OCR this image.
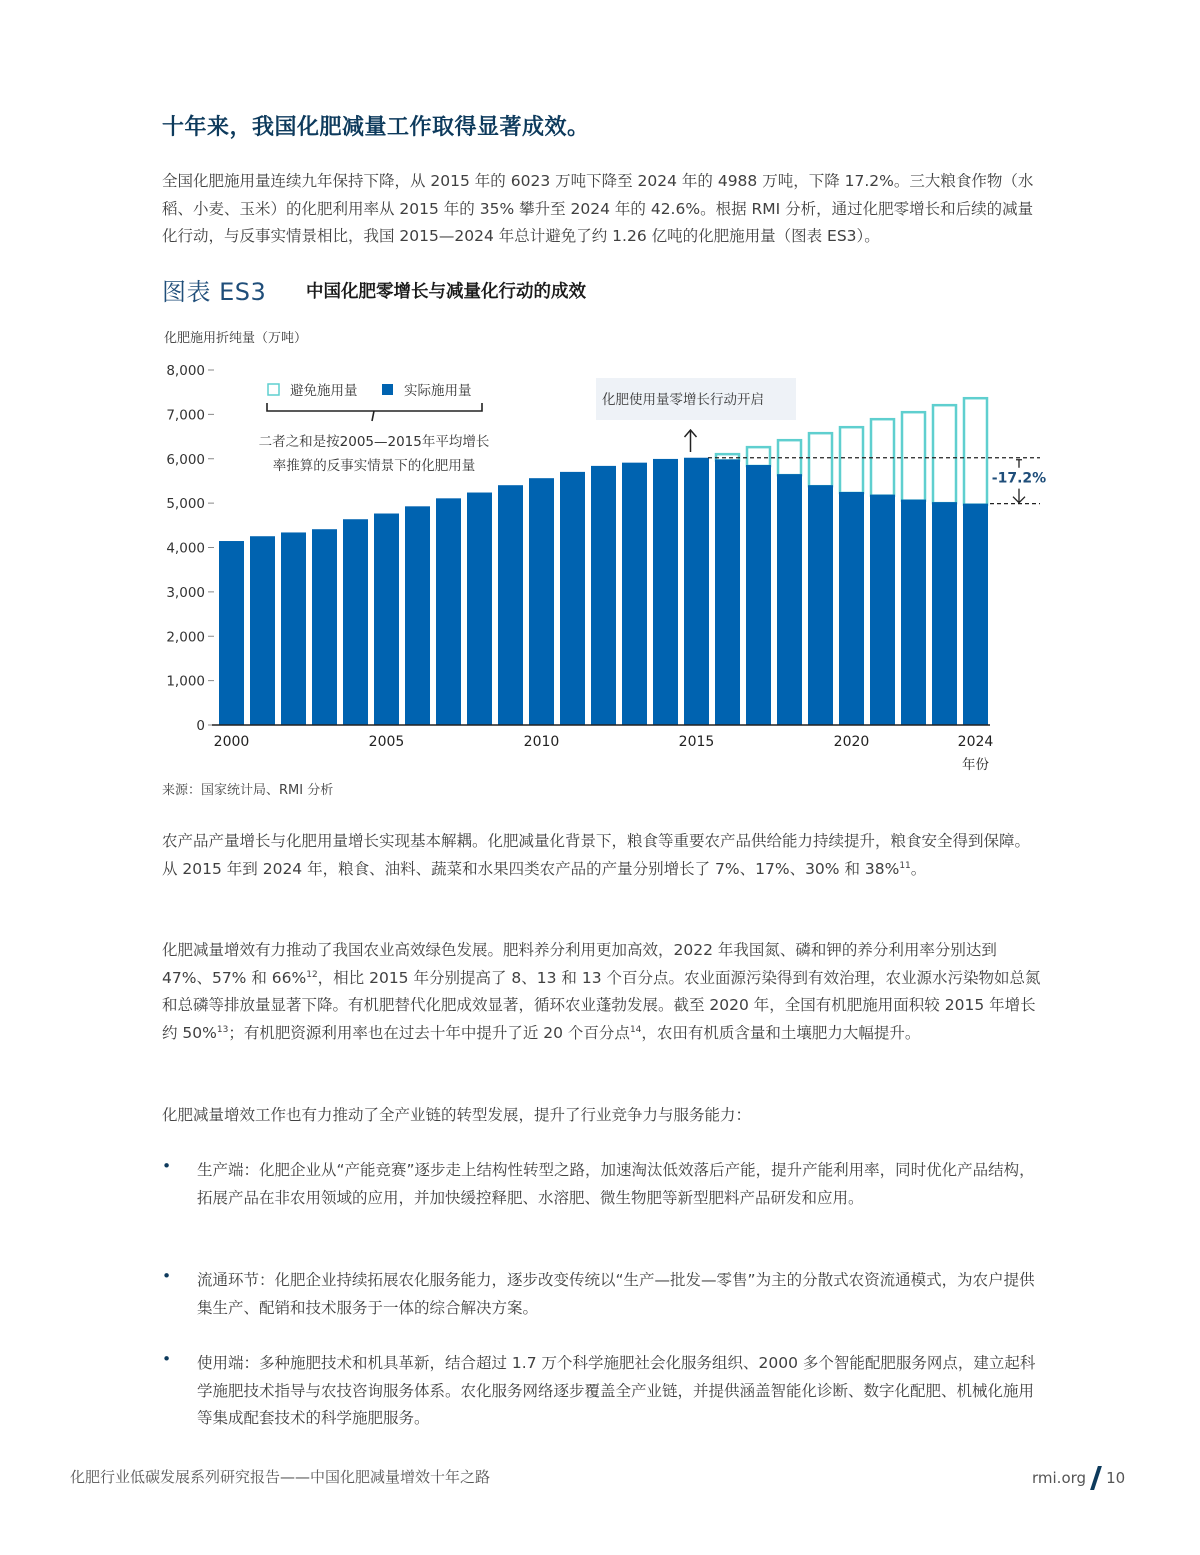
十年来，我国化肥减量工作取得显著成效。
全国化肥施用量连续九年保持下降，从 2015 年的 6023 万吨下降至 2024 年的 4988 万吨，下降 17.2%。三大粮食作物（水稻、小麦、玉米）的化肥利用率从 2015 年的 35% 攀升至 2024 年的 42.6%。根据 RMI 分析，通过化肥零增长和后续的减量化行动，与反事实情景相比，我国 2015—2024 年总计避免了约 1.26 亿吨的化肥施用量（图表 ES3）。
图表 ES3 中国化肥零增长与减量化行动的成效
化肥施用折纯量（万吨）
0
1,000
2,000
3,000
4,000
5,000
6,000
7,000
8,000
2000	2005	2010	2015	2020	2024
年份
避免施用量	实际施用量
二者之和是按2005—2015年平均增长
率推算的反事实情景下的化肥用量
化肥使用量零增长行动开启
-17.2%
来源：国家统计局、RMI 分析
农产品产量增长与化肥用量增长实现基本解耦。化肥减量化背景下，粮食等重要农产品供给能力持续提升，粮食安全得到保障。从 2015 年到 2024 年，粮食、油料、蔬菜和水果四类农产品的产量分别增长了 7%、17%、30% 和 38%$^{11}$。
化肥减量增效有力推动了我国农业高效绿色发展。肥料养分利用更加高效，2022 年我国氮、磷和钾的养分利用率分别达到 47%、57% 和 66%$^{12}$，相比 2015 年分别提高了 8、13 和 13 个百分点。农业面源污染得到有效治理，农业源水污染物如总氮和总磷等排放量显著下降。有机肥替代化肥成效显著，循环农业蓬勃发展。截至 2020 年，全国有机肥施用面积较 2015 年增长约 50%$^{13}$；有机肥资源利用率也在过去十年中提升了近 20 个百分点$^{14}$，农田有机质含量和土壤肥力大幅提升。
化肥减量增效工作也有力推动了全产业链的转型发展，提升了行业竞争力与服务能力：
• 生产端：化肥企业从“产能竞赛”逐步走上结构性转型之路，加速淘汰低效落后产能，提升产能利用率，同时优化产品结构，拓展产品在非农用领域的应用，并加快缓控释肥、水溶肥、微生物肥等新型肥料产品研发和应用。
• 流通环节：化肥企业持续拓展农化服务能力，逐步改变传统以“生产—批发—零售”为主的分散式农资流通模式，为农户提供集生产、配销和技术服务于一体的综合解决方案。
• 使用端：多种施肥技术和机具革新，结合超过 1.7 万个科学施肥社会化服务组织、2000 多个智能配肥服务网点，建立起科学施肥技术指导与农技咨询服务体系。农化服务网络逐步覆盖全产业链，并提供涵盖智能化诊断、数字化配肥、机械化施用等集成配套技术的科学施肥服务。
化肥行业低碳发展系列研究报告——中国化肥减量增效十年之路	rmi.org 10
